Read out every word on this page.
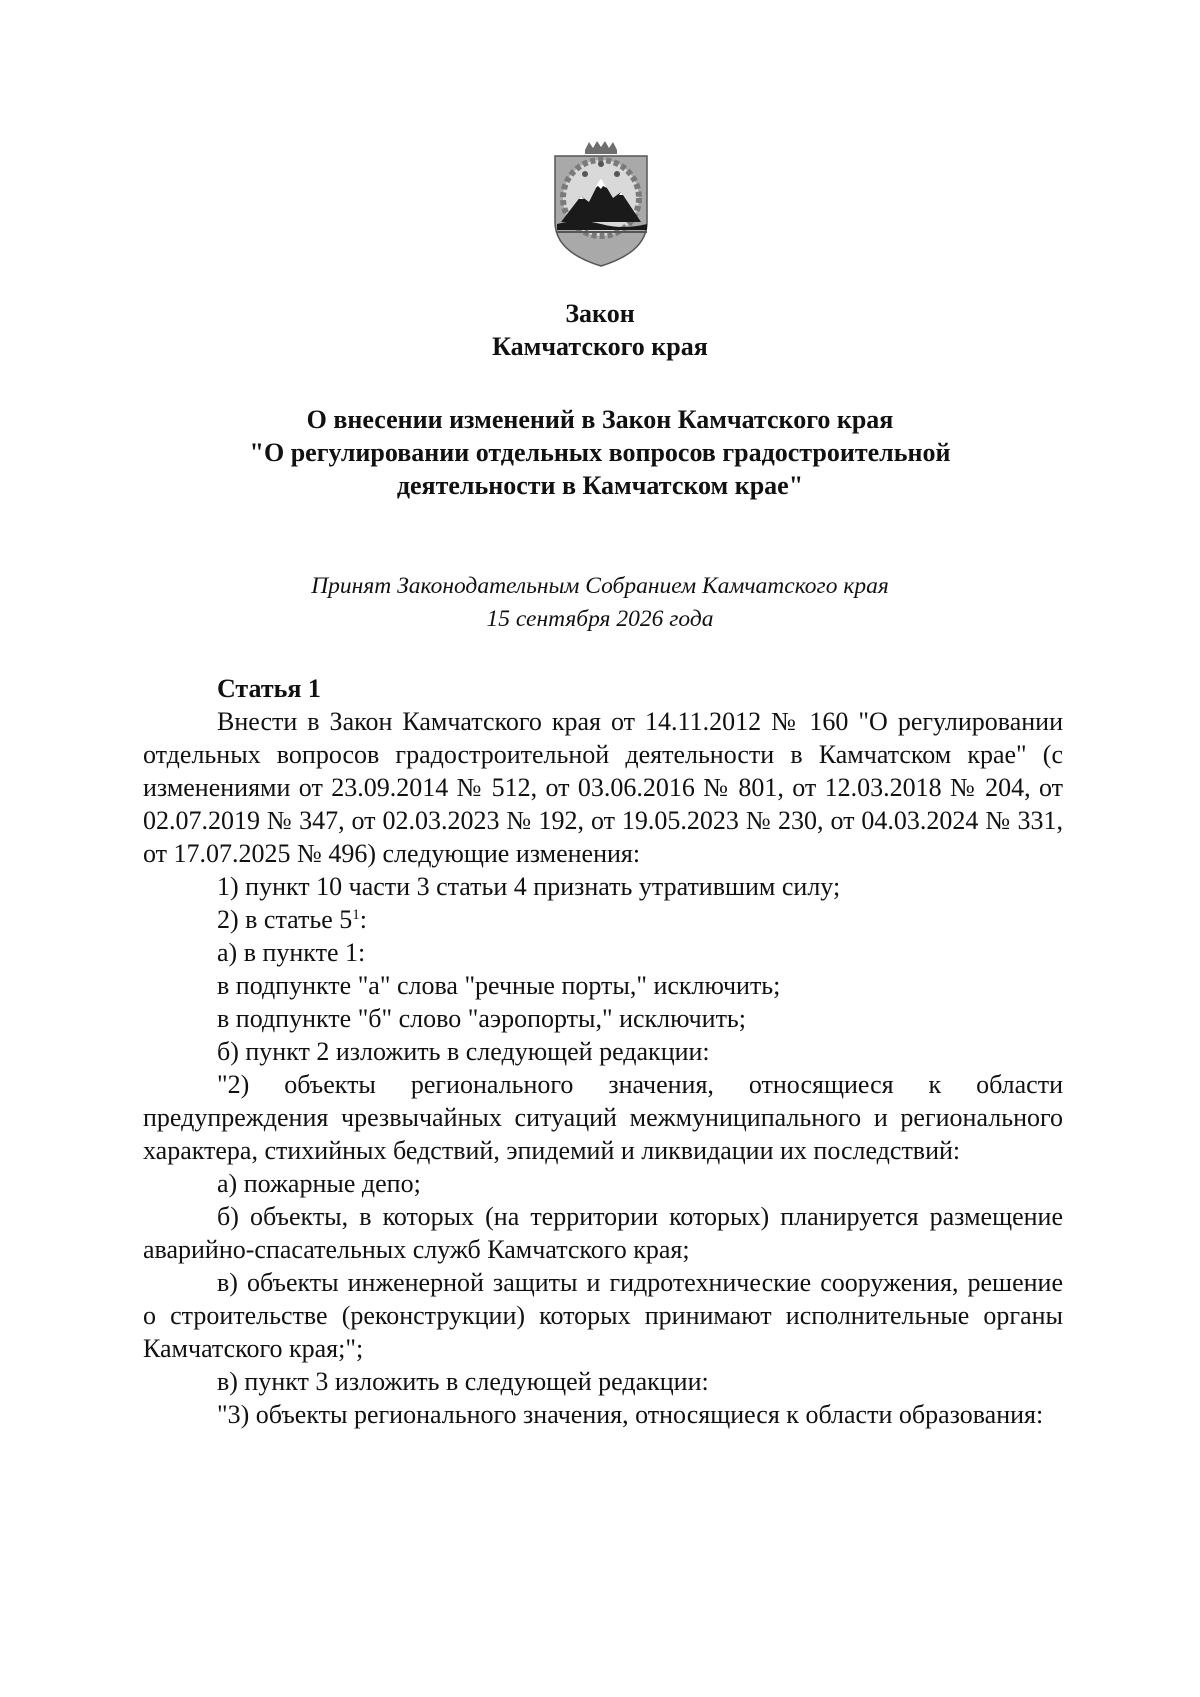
Закон
Камчатского края
О внесении изменений в Закон Камчатского края
"О регулировании отдельных вопросов градостроительной
деятельности в Камчатском крае"
Принят Законодательным Собранием Камчатского края
15 сентября 2026 года
Статья 1

Внести в Закон Камчатского края от 14.11.2012 № 160 "О регулировании отдельных вопросов градостроительной деятельности в Камчатском крае" (с изменениями от 23.09.2014 № 512, от 03.06.2016 № 801, от 12.03.2018 № 204, от 02.07.2019 № 347, от 02.03.2023 № 192, от 19.05.2023 № 230, от 04.03.2024 № 331, от 17.07.2025 № 496) следующие изменения:

1) пункт 10 части 3 статьи 4 признать утратившим силу;

2) в статье $5^1$:

а) в пункте 1:

в подпункте "а" слова "речные порты," исключить;

в подпункте "б" слово "аэропорты," исключить;

б) пункт 2 изложить в следующей редакции:

"2) объекты регионального значения, относящиеся к области предупреждения чрезвычайных ситуаций межмуниципального и регионального характера, стихийных бедствий, эпидемий и ликвидации их последствий:

а) пожарные депо;

б) объекты, в которых (на территории которых) планируется размещение аварийно-спасательных служб Камчатского края;

в) объекты инженерной защиты и гидротехнические сооружения, решение о строительстве (реконструкции) которых принимают исполнительные органы Камчатского края;";

в) пункт 3 изложить в следующей редакции:

"3) объекты регионального значения, относящиеся к области образования:
